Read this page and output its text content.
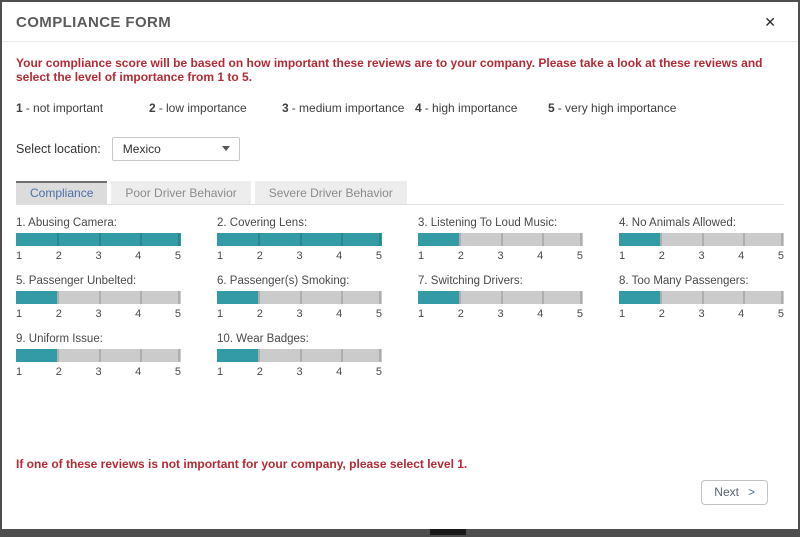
COMPLIANCE FORM	✕
Your compliance score will be based on how important these reviews are to your company. Please take a look at these reviews and select the level of importance from 1 to 5.
1 - not important	2 - low importance	3 - medium importance 4 - high importance	5 - very high importance
Select location: Mexico
Compliance	Poor Driver Behavior	Severe Driver Behavior
1. Abusing Camera:
1	2	3	4	5
2. Covering Lens:
1	2	3	4	5
3. Listening To Loud Music:
1	2	3	4	5
4. No Animals Allowed:
1	2	3	4	5
5. Passenger Unbelted:
1	2	3	4	5
6. Passenger(s) Smoking:
1	2	3	4	5
7. Switching Drivers:
1	2	3	4	5
8. Too Many Passengers:
1	2	3	4	5
9. Uniform Issue:
1	2	3	4	5
10. Wear Badges:
1	2	3	4	5
If one of these reviews is not important for your company, please select level 1.
Next >
